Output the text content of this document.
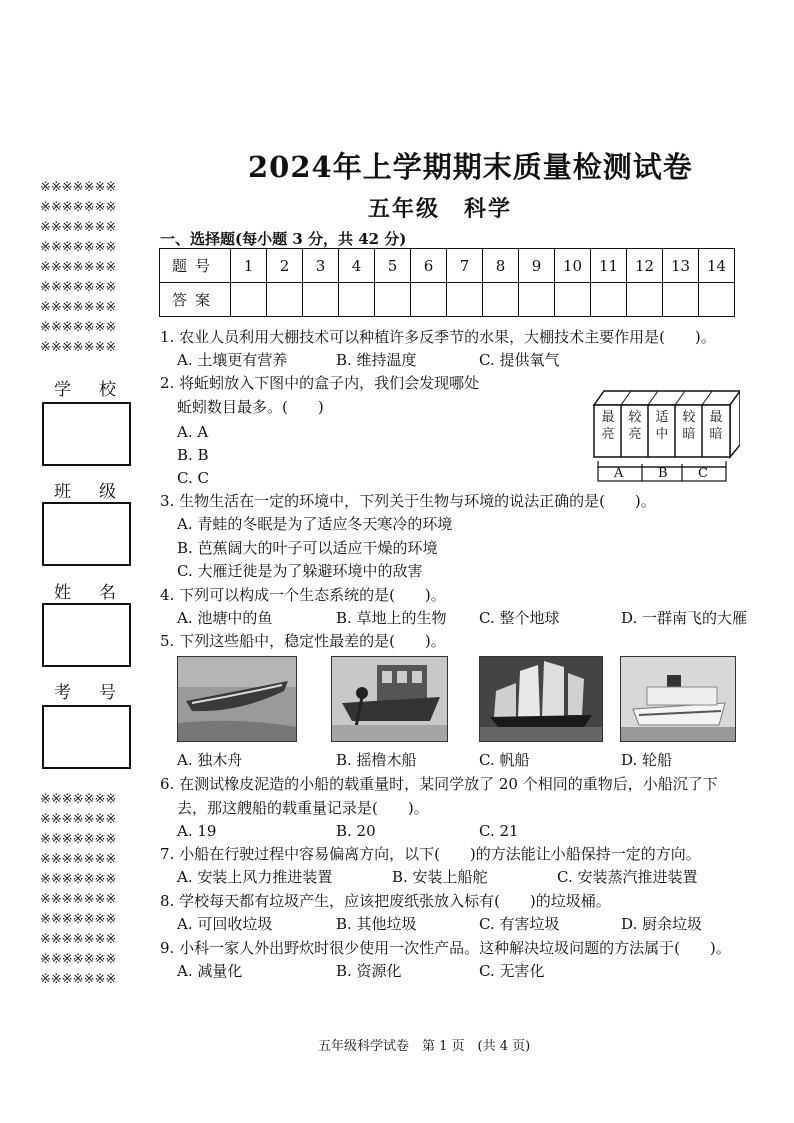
※※※※※※※
※※※※※※※
※※※※※※※
※※※※※※※
※※※※※※※
※※※※※※※
※※※※※※※
※※※※※※※
※※※※※※※
学 校
班 级
姓 名
考 号
※※※※※※※
※※※※※※※
※※※※※※※
※※※※※※※
※※※※※※※
※※※※※※※
※※※※※※※
※※※※※※※
※※※※※※※
※※※※※※※
2024年上学期期末质量检测试卷
五年级　科学
一、选择题(每小题 3 分，共 42 分)
题号	1	2	3	4	5	6	7	8	9	10	11	12	13	14
答案														
1. 农业人员利用大棚技术可以种植许多反季节的水果，大棚技术主要作用是(　　)。
A. 土壤更有营养	B. 维持温度	C. 提供氧气
2. 将蚯蚓放入下图中的盒子内，我们会发现哪处
蚯蚓数目最多。(　　)
A. A
B. B
C. C
最亮
较亮
适中
较暗
最暗
A	B C
3. 生物生活在一定的环境中，下列关于生物与环境的说法正确的是(　　)。
A. 青蛙的冬眠是为了适应冬天寒冷的环境
B. 芭蕉阔大的叶子可以适应干燥的环境
C. 大雁迁徙是为了躲避环境中的敌害
4. 下列可以构成一个生态系统的是(　　)。
A. 池塘中的鱼	B. 草地上的生物 C. 整个地球	D. 一群南飞的大雁
5. 下列这些船中，稳定性最差的是(　　)。
A. 独木舟	B. 摇橹木船	C. 帆船	D. 轮船
6. 在测试橡皮泥造的小船的载重量时，某同学放了 20 个相同的重物后，小船沉了下
去，那这艘船的载重量记录是(　　)。
A. 19	B. 20	C. 21
7. 小船在行驶过程中容易偏离方向，以下(　　)的方法能让小船保持一定的方向。
A. 安装上风力推进装置	B. 安装上船舵	C. 安装蒸汽推进装置
8. 学校每天都有垃圾产生，应该把废纸张放入标有(　　)的垃圾桶。
A. 可回收垃圾	B. 其他垃圾	C. 有害垃圾	D. 厨余垃圾
9. 小科一家人外出野炊时很少使用一次性产品。这种解决垃圾问题的方法属于(　　)。
A. 减量化	B. 资源化	C. 无害化
五年级科学试卷　第 1 页　(共 4 页)
